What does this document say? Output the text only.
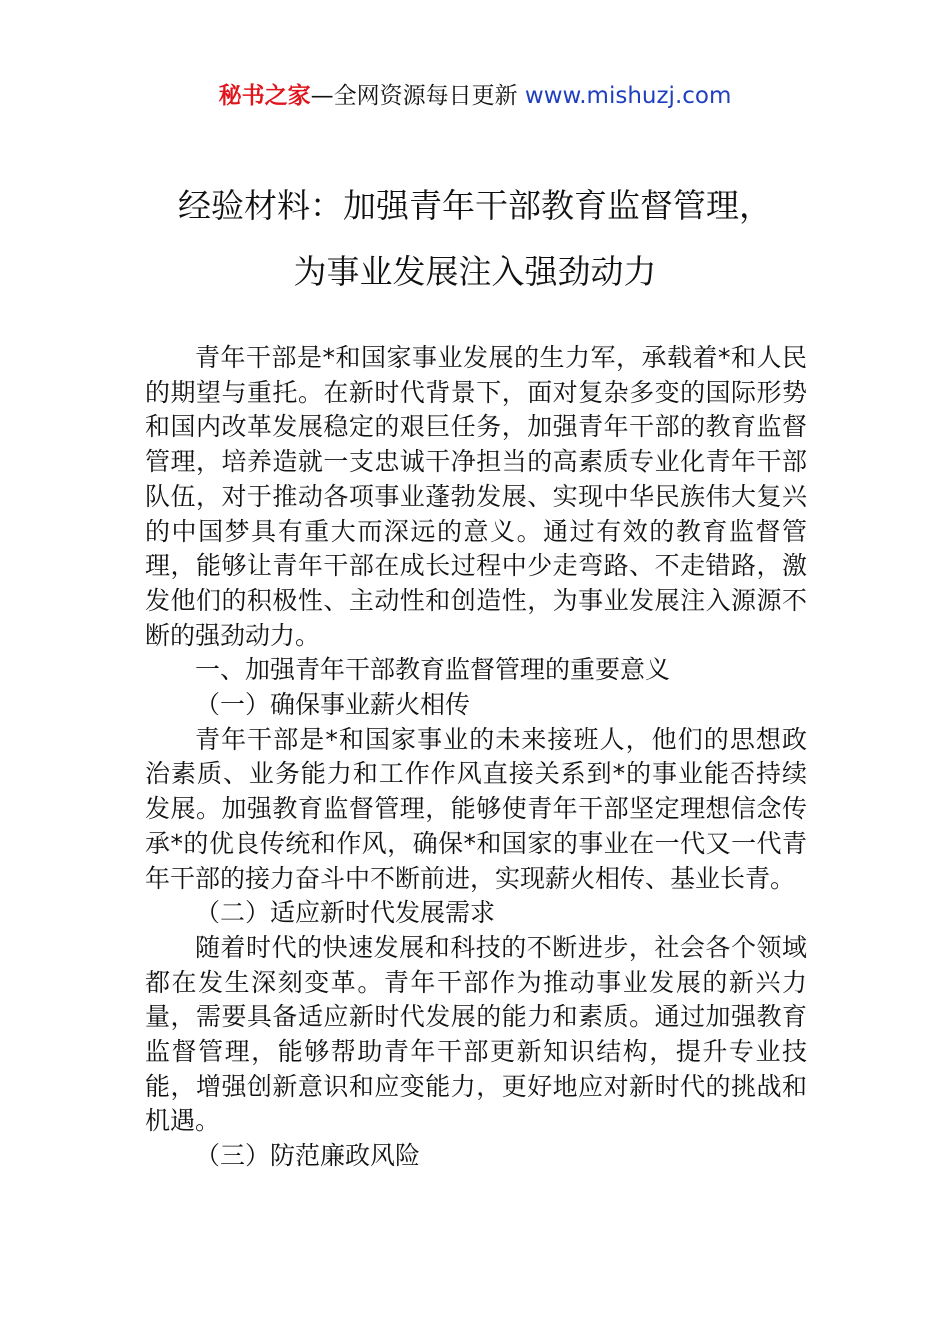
秘书之家—全网资源每日更新 www.mishuzj.com
经验材料：加强青年干部教育监督管理，
为事业发展注入强劲动力

青年干部是*和国家事业发展的生力军，承载着*和人民的期望与重托。在新时代背景下，面对复杂多变的国际形势和国内改革发展稳定的艰巨任务，加强青年干部的教育监督管理，培养造就一支忠诚干净担当的高素质专业化青年干部队伍，对于推动各项事业蓬勃发展、实现中华民族伟大复兴的中国梦具有重大而深远的意义。通过有效的教育监督管理，能够让青年干部在成长过程中少走弯路、不走错路，激发他们的积极性、主动性和创造性，为事业发展注入源源不断的强劲动力。

一、加强青年干部教育监督管理的重要意义

（一）确保事业薪火相传

青年干部是*和国家事业的未来接班人，他们的思想政治素质、业务能力和工作作风直接关系到*的事业能否持续发展。加强教育监督管理，能够使青年干部坚定理想信念传承*的优良传统和作风，确保*和国家的事业在一代又一代青年干部的接力奋斗中不断前进，实现薪火相传、基业长青。

（二）适应新时代发展需求

随着时代的快速发展和科技的不断进步，社会各个领域都在发生深刻变革。青年干部作为推动事业发展的新兴力量，需要具备适应新时代发展的能力和素质。通过加强教育监督管理，能够帮助青年干部更新知识结构，提升专业技能，增强创新意识和应变能力，更好地应对新时代的挑战和机遇。

（三）防范廉政风险
